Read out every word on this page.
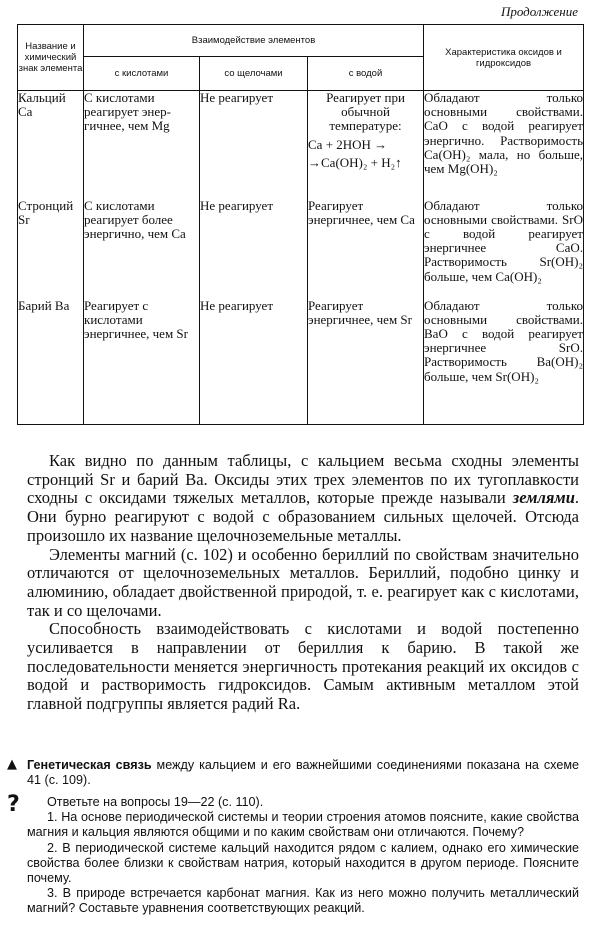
Продолжение
Название и химический знак элемента	Взаимодействие элементов			Характеристика оксидов и гидроксидов
	с кислотами	со щелочами	с водой	
Кальций Ca	С кислотами реагирует энергичнее, чем Mg	Не реагирует	Реагирует при обычной температуре:
Ca + 2HOH →
→Ca(OH)₂ + H₂↑	Обладают только основными свойствами. CaO с водой реагирует энергично. Растворимость Ca(OH)₂ мала, но больше, чем Mg(OH)₂
Стронций Sr	С кислотами реагирует более энергично, чем Ca	Не реагирует	Реагирует энергичнее, чем Ca	Обладают только основными свойствами. SrO с водой реагирует энергичнее CaO. Растворимость Sr(OH)₂ больше, чем Ca(OH)₂
Барий Ba	Реагирует с кислотами энергичнее, чем Sr	Не реагирует	Реагирует энергичнее, чем Sr	Обладают только основными свойствами. BaO с водой реагирует энергичнее SrO. Растворимость Ba(OH)₂ больше, чем Sr(OH)₂

Как видно по данным таблицы, с кальцием весьма сходны элементы стронций Sr и барий Ba. Оксиды этих трех элементов по их тугоплавкости сходны с оксидами тяжелых металлов, которые прежде называли землями. Они бурно реагируют с водой с образованием сильных щелочей. Отсюда произошло их название щелочноземельные металлы.

Элементы магний (с. 102) и особенно бериллий по свойствам значительно отличаются от щелочноземельных металлов. Бериллий, подобно цинку и алюминию, обладает двойственной природой, т. е. реагирует как с кислотами, так и со щелочами.

Способность взаимодействовать с кислотами и водой постепенно усиливается в направлении от бериллия к барию. В такой же последовательности меняется энергичность протекания реакций их оксидов с водой и растворимость гидроксидов. Самым активным металлом этой главной подгруппы является радий Ra.

▲ Генетическая связь между кальцием и его важнейшими соединениями показана на схеме 41 (с. 109).

?	Ответьте на вопросы 19—22 (с. 110).

1. На основе периодической системы и теории строения атомов поясните, какие свойства магния и кальция являются общими и по каким свойствам они отличаются. Почему?

2. В периодической системе кальций находится рядом с калием, однако его химические свойства более близки к свойствам натрия, который находится в другом периоде. Поясните почему.

3. В природе встречается карбонат магния. Как из него можно получить металлический магний? Составьте уравнения соответствующих реакций.
